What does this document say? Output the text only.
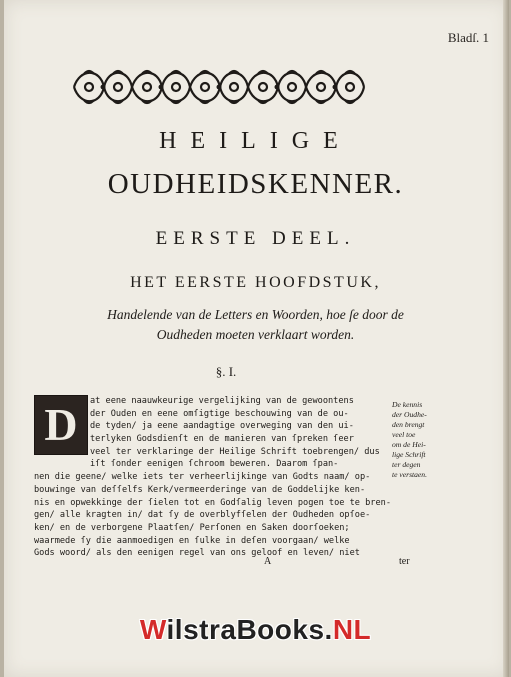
Bladſ. 1
HEILIGE
OUDHEIDSKENNER.
EERSTE DEEL.
HET EERSTE HOOFDSTUK,
Handelende van de Letters en Woorden, hoe ſe door de
Oudheden moeten verklaart worden.
§. I.
at eene naauwkeurige vergelijking van de gewoontens
der Ouden en eene omſigtige beschouwing van de ou-
de tyden/ ja eene aandagtige overweging van den ui-
terlyken Godsdienſt en de manieren van ſpreken ſeer
veel ter verklaringe der Heilige Schrift toebrengen/ dus
iſt ſonder eenigen ſchroom beweren. Daarom ſpan-
nen die geene/ welke iets ter verheerlijkinge van Godts naam/ op-
bouwinge van deſſelfs Kerk/vermeerderinge van de Goddelijke ken-
nis en opwekkinge der ſielen tot en Godſalig leven pogen toe te bren-
gen/ alle kragten in/ dat ſy de overblyfſelen der Oudheden opſoe-
ken/ en de verborgene Plaatſen/ Perſonen en Saken doorſoeken;
waarmede ſy die aanmoedigen en ſulke in deſen voorgaan/ welke
Gods woord/ als den eenigen regel van ons geloof en leven/ niet
D	De kennis
der Oudhe-
den brengt
veel toe
om de Hei-
lige Schrift
ter degen
te verstaen.
A	ter
WilstraBooks.NL
